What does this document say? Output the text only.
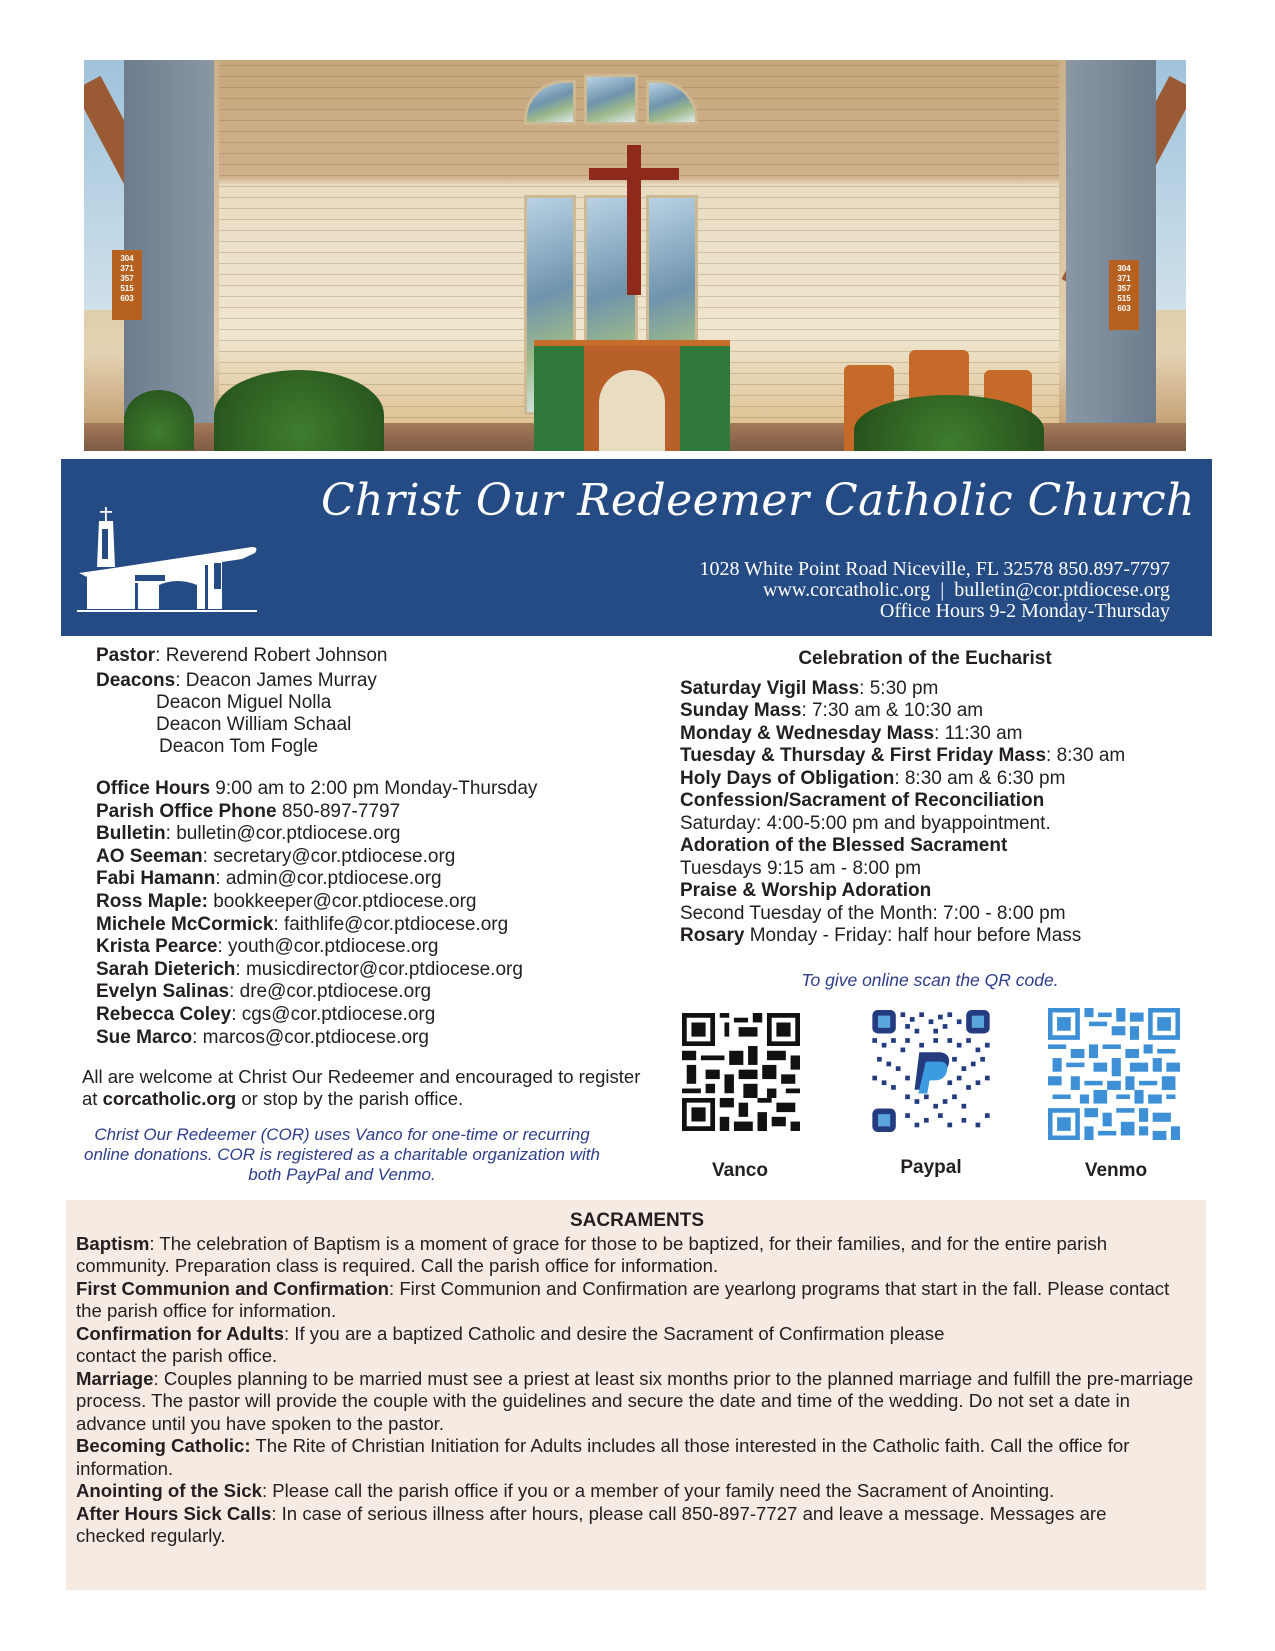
304
371
357
515
603
304
371
357
515
603
Christ Our Redeemer Catholic Church
1028 White Point Road Niceville, FL 32578 850.897-7797
www.corcatholic.org  |  bulletin@cor.ptdiocese.org
Office Hours 9-2 Monday-Thursday
Pastor: Reverend Robert Johnson
Deacons: Deacon James Murray
Deacon Miguel Nolla
Deacon William Schaal
Deacon Tom Fogle
Office Hours 9:00 am to 2:00 pm Monday-Thursday
Parish Office Phone 850-897-7797
Bulletin: bulletin@cor.ptdiocese.org
AO Seeman: secretary@cor.ptdiocese.org
Fabi Hamann: admin@cor.ptdiocese.org
Ross Maple: bookkeeper@cor.ptdiocese.org
Michele McCormick: faithlife@cor.ptdiocese.org
Krista Pearce: youth@cor.ptdiocese.org
Sarah Dieterich: musicdirector@cor.ptdiocese.org
Evelyn Salinas: dre@cor.ptdiocese.org
Rebecca Coley: cgs@cor.ptdiocese.org
Sue Marco: marcos@cor.ptdiocese.org
All are welcome at Christ Our Redeemer and encouraged to register at corcatholic.org or stop by the parish office.
Christ Our Redeemer (COR) uses Vanco for one-time or recurring online donations. COR is registered as a charitable organization with both PayPal and Venmo.
Celebration of the Eucharist
Saturday Vigil Mass: 5:30 pm
Sunday Mass: 7:30 am & 10:30 am
Monday & Wednesday Mass: 11:30 am
Tuesday & Thursday & First Friday Mass: 8:30 am
Holy Days of Obligation: 8:30 am & 6:30 pm
Confession/Sacrament of Reconciliation
Saturday: 4:00-5:00 pm and byappointment.
Adoration of the Blessed Sacrament
Tuesdays 9:15 am - 8:00 pm
Praise & Worship Adoration
Second Tuesday of the Month: 7:00 - 8:00 pm
Rosary Monday - Friday: half hour before Mass
To give online scan the QR code.
Vanco	Paypal	Venmo
SACRAMENTS

Baptism: The celebration of Baptism is a moment of grace for those to be baptized, for their families, and for the entire parish community. Preparation class is required. Call the parish office for information.

First Communion and Confirmation: First Communion and Confirmation are yearlong programs that start in the fall. Please contact the parish office for information.

Confirmation for Adults: If you are a baptized Catholic and desire the Sacrament of Confirmation please contact the parish office.

Marriage: Couples planning to be married must see a priest at least six months prior to the planned marriage and fulfill the pre-marriage process. The pastor will provide the couple with the guidelines and secure the date and time of the wedding. Do not set a date in advance until you have spoken to the pastor.

Becoming Catholic: The Rite of Christian Initiation for Adults includes all those interested in the Catholic faith. Call the office for information.

Anointing of the Sick: Please call the parish office if you or a member of your family need the Sacrament of Anointing.

After Hours Sick Calls: In case of serious illness after hours, please call 850-897-7727 and leave a message. Messages are checked regularly.
